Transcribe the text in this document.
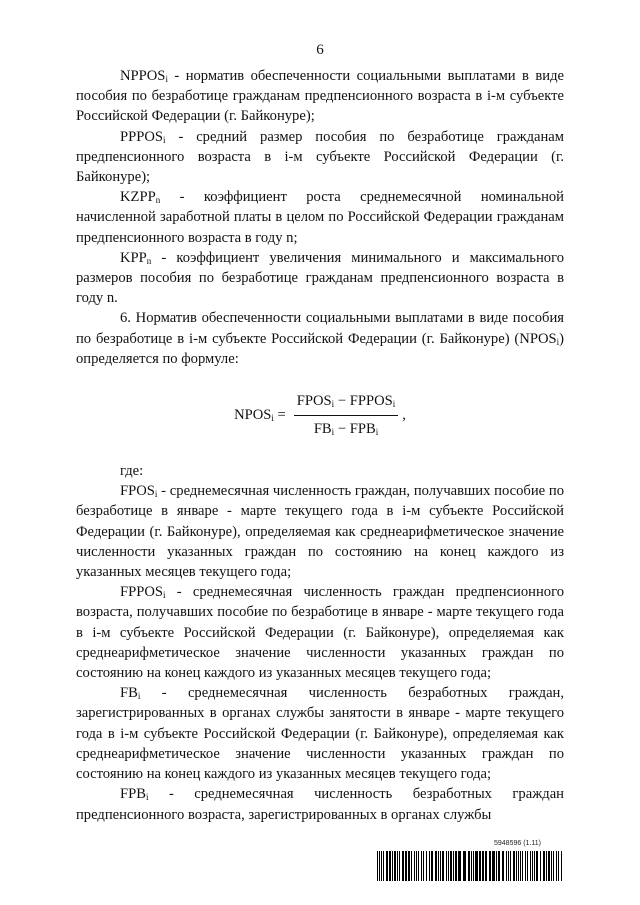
6

$NPPOS_i$ - норматив обеспеченности социальными выплатами в виде пособия по безработице гражданам предпенсионного возраста в i-м субъекте Российской Федерации (г. Байконуре);

$PPPOS_i$ - средний размер пособия по безработице гражданам предпенсионного возраста в i-м субъекте Российской Федерации (г. Байконуре);

$KZPP_n$ - коэффициент роста среднемесячной номинальной начисленной заработной платы в целом по Российской Федерации гражданам предпенсионного возраста в году n;

$KPP_n$ - коэффициент увеличения минимального и максимального размеров пособия по безработице гражданам предпенсионного возраста в году n.

6. Норматив обеспеченности социальными выплатами в виде пособия по безработице в i-м субъекте Российской Федерации (г. Байконуре) $(NPOS_i)$ определяется по формуле:

$NPOS_i = \frac{FPOS_i - FPPOS_i}{FB_i - FPB_i}$ ,

где:

$FPOS_i$ - среднемесячная численность граждан, получавших пособие по безработице в январе - марте текущего года в i-м субъекте Российской Федерации (г. Байконуре), определяемая как среднеарифметическое значение численности указанных граждан по состоянию на конец каждого из указанных месяцев текущего года;

$FPPOS_i$ - среднемесячная численность граждан предпенсионного возраста, получавших пособие по безработице в январе - марте текущего года в i-м субъекте Российской Федерации (г. Байконуре), определяемая как среднеарифметическое значение численности указанных граждан по состоянию на конец каждого из указанных месяцев текущего года;

$FB_i$ - среднемесячная численность безработных граждан, зарегистрированных в органах службы занятости в январе - марте текущего года в i-м субъекте Российской Федерации (г. Байконуре), определяемая как среднеарифметическое значение численности указанных граждан по состоянию на конец каждого из указанных месяцев текущего года;

$FPB_i$ - среднемесячная численность безработных граждан предпенсионного возраста, зарегистрированных в органах службы

5948596 (1.11)
